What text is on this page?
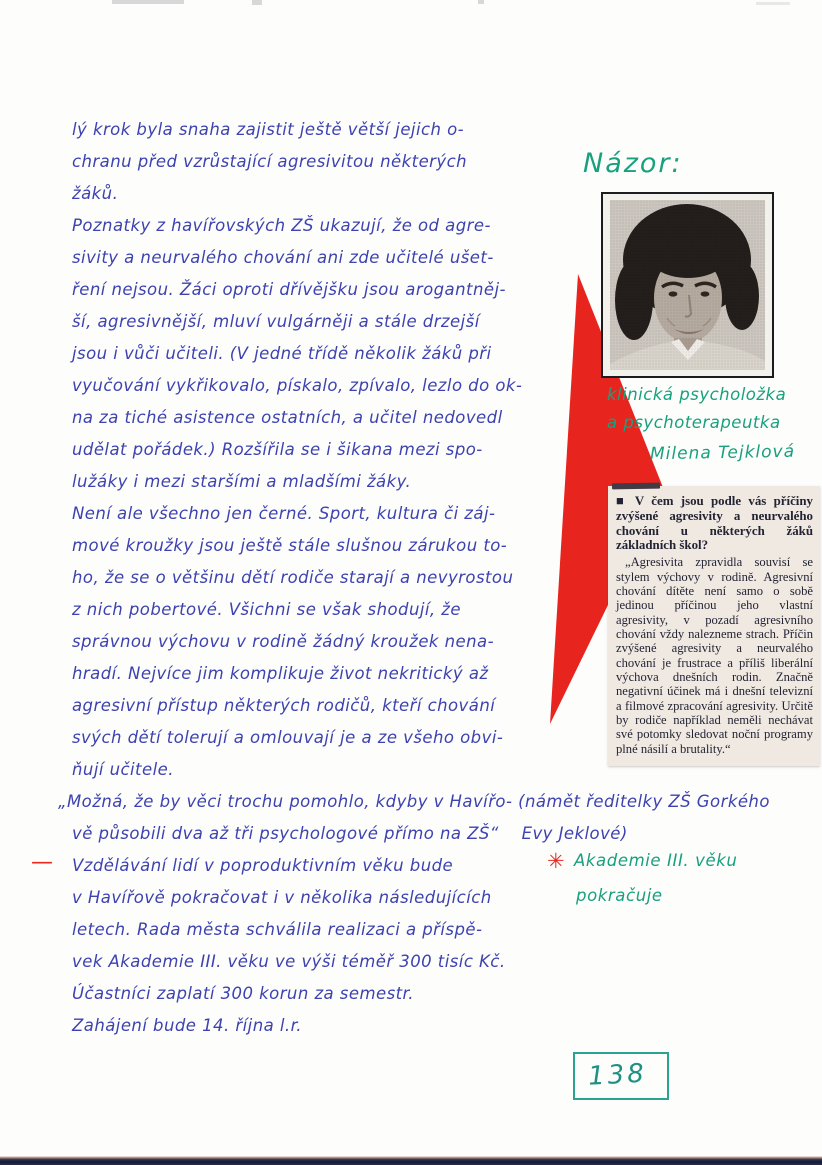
lý krok byla snaha zajistit ještě větší jejich o-
chranu před vzrůstající agresivitou některých
žáků.
Poznatky z havířovských ZŠ ukazují, že od agre-
sivity a neurvalého chování ani zde učitelé ušet-
ření nejsou. Žáci oproti dřívějšku jsou arogantněj-
ší, agresivnější, mluví vulgárněji a stále drzejší
jsou i vůči učiteli. (V jedné třídě několik žáků při
vyučování vykřikovalo, pískalo, zpívalo, lezlo do ok-
na za tiché asistence ostatních, a učitel nedovedl
udělat pořádek.) Rozšířila se i šikana mezi spo-
lužáky i mezi staršími a mladšími žáky.
Není ale všechno jen černé. Sport, kultura či záj-
mové kroužky jsou ještě stále slušnou zárukou to-
ho, že se o většinu dětí rodiče starají a nevyrostou
z nich pobertové. Všichni se však shodují, že
správnou výchovu v rodině žádný kroužek nena-
hradí. Nejvíce jim komplikuje život nekritický až
agresivní přístup některých rodičů, kteří chování
svých dětí tolerují a omlouvají je a ze všeho obvi-
ňují učitele.
„Možná, že by věci trochu pomohlo, kdyby v Havířo- (námět ředitelky ZŠ Gorkého
vě působili dva až tři psychologové přímo na ZŠ“    Evy Jeklové)
Vzdělávání lidí v poproduktivním věku bude
v Havířově pokračovat i v několika následujících
letech. Rada města schválila realizaci a příspě-
vek Akademie III. věku ve výši téměř 300 tisíc Kč.
Účastníci zaplatí 300 korun za semestr.
Zahájení bude 14. října l.r.
Názor:
klinická psycholožka
a psychoterapeutka
Milena Tejklová
■ V čem jsou podle vás příčiny zvýšené agresivity a neurvalého chování u některých žáků základních škol?
„Agresivita zpravidla souvisí se stylem výchovy v rodině. Agresivní chování dítěte není samo o sobě jedinou příčinou jeho vlastní agresivity, v pozadí agresivního chování vždy nalezneme strach. Příčin zvýšené agresivity a neurvalého chování je frustrace a příliš liberální výchova dnešních rodin. Značně negativní účinek má i dnešní televizní a filmové zpracování agresivity. Určitě by rodiče například neměli nechávat své potomky sledovat noční programy plné násilí a brutality.“
—	✳ Akademie III. věku
pokračuje
138
